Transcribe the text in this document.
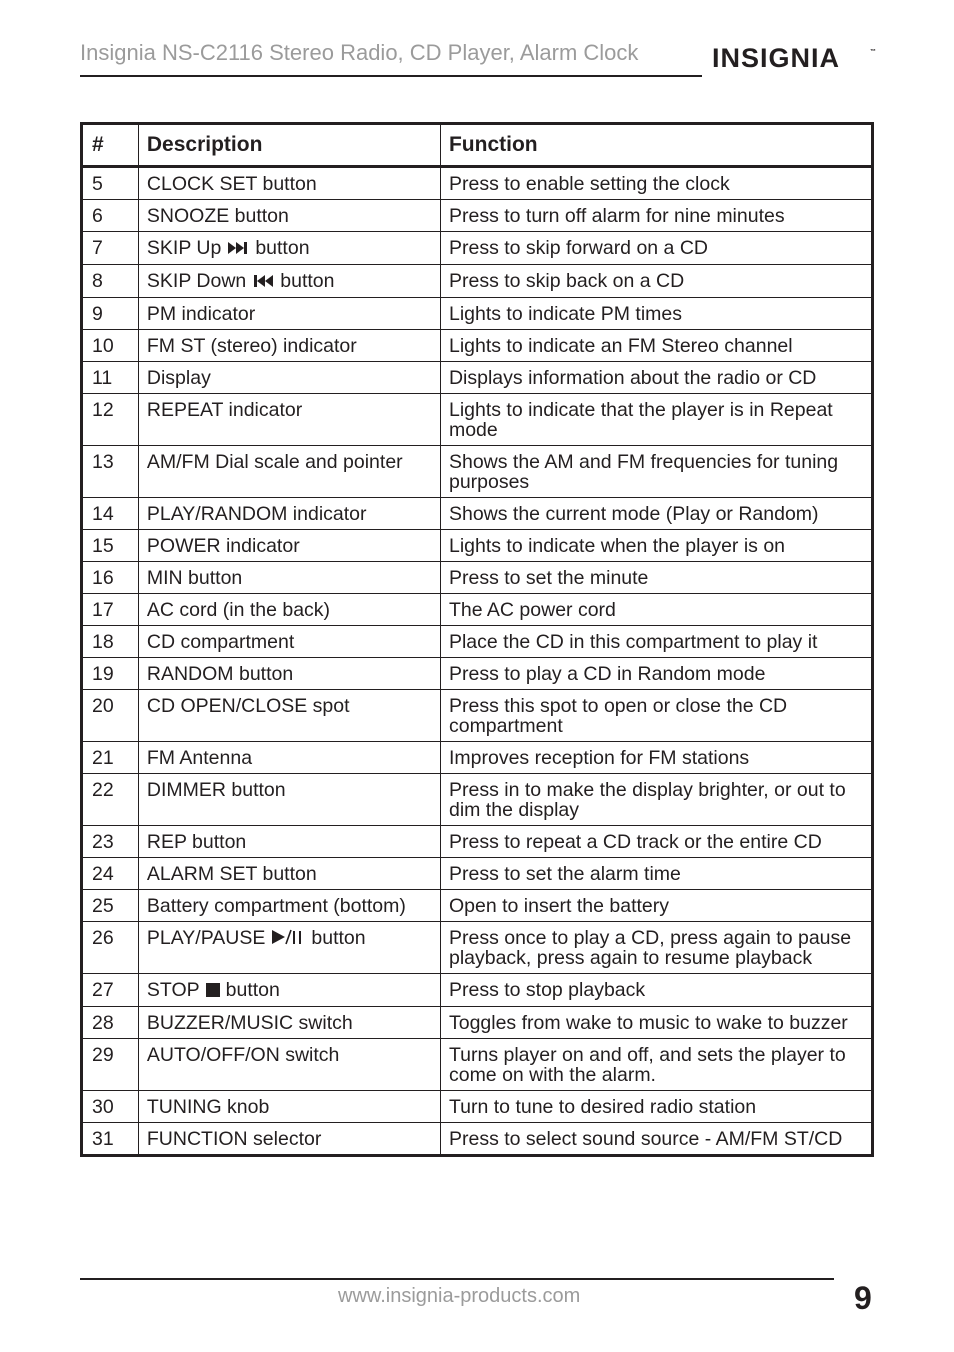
Insignia NS-C2116 Stereo Radio, CD Player, Alarm Clock	INSIGNIA	™
#	Description	Function
5	CLOCK SET button	Press to enable setting the clock
6	SNOOZE button	Press to turn off alarm for nine minutes
7	SKIP Up button	Press to skip forward on a CD
8	SKIP Down button	Press to skip back on a CD
9	PM indicator	Lights to indicate PM times
10	FM ST (stereo) indicator	Lights to indicate an FM Stereo channel
11	Display	Displays information about the radio or CD
12	REPEAT indicator	Lights to indicate that the player is in Repeat mode
13	AM/FM Dial scale and pointer	Shows the AM and FM frequencies for tuning purposes
14	PLAY/RANDOM indicator	Shows the current mode (Play or Random)
15	POWER indicator	Lights to indicate when the player is on
16	MIN button	Press to set the minute
17	AC cord (in the back)	The AC power cord
18	CD compartment	Place the CD in this compartment to play it
19	RANDOM button	Press to play a CD in Random mode
20	CD OPEN/CLOSE spot	Press this spot to open or close the CD compartment
21	FM Antenna	Improves reception for FM stations
22	DIMMER button	Press in to make the display brighter, or out to dim the display
23	REP button	Press to repeat a CD track or the entire CD
24	ALARM SET button	Press to set the alarm time
25	Battery compartment (bottom)	Open to insert the battery
26	PLAY/PAUSE button	Press once to play a CD, press again to pause playback, press again to resume playback
27	STOP button	Press to stop playback
28	BUZZER/MUSIC switch	Toggles from wake to music to wake to buzzer
29	AUTO/OFF/ON switch	Turns player on and off, and sets the player to come on with the alarm.
30	TUNING knob	Turn to tune to desired radio station
31	FUNCTION selector	Press to select sound source - AM/FM ST/CD
www.insignia-products.com	9
